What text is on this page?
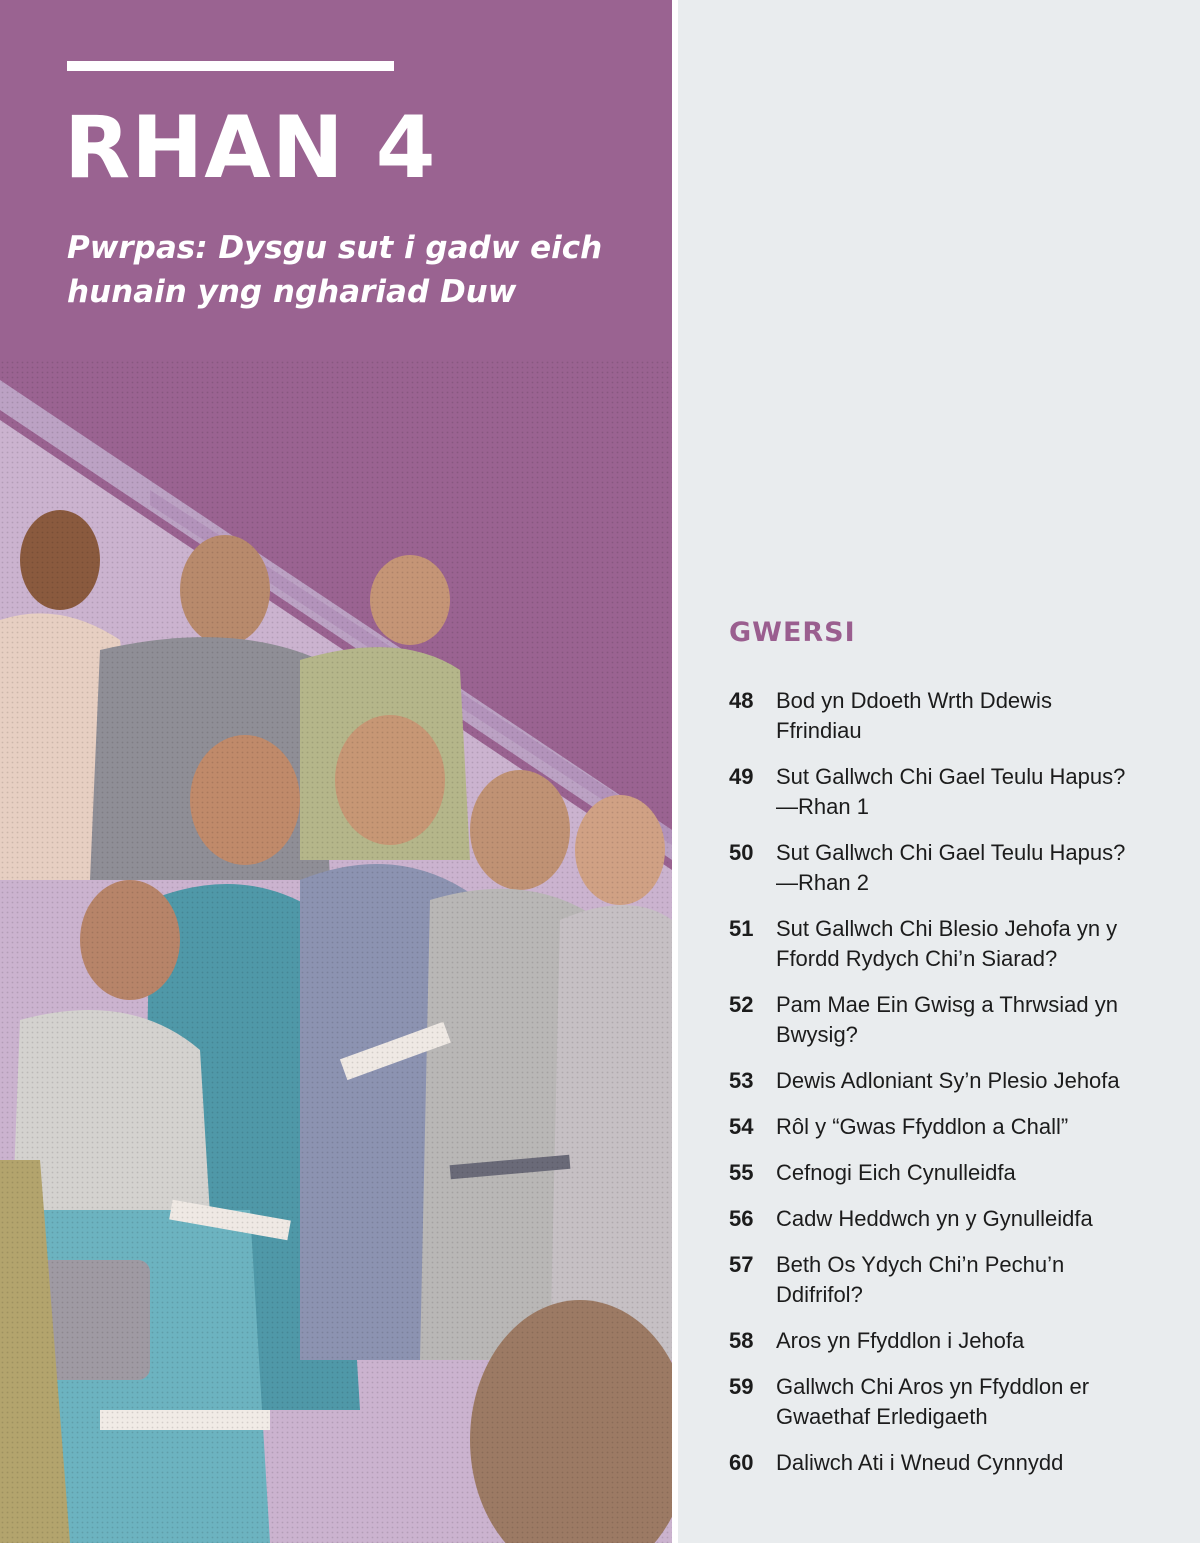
RHAN 4

Pwrpas: Dysgu sut i gadw eich hunain yng nghariad Duw

GWERSI
48	Bod yn Ddoeth Wrth Ddewis
Ffrindiau
49	Sut Gallwch Chi Gael Teulu Hapus?
—Rhan 1
50	Sut Gallwch Chi Gael Teulu Hapus?
—Rhan 2
51	Sut Gallwch Chi Blesio Jehofa yn y
Ffordd Rydych Chi’n Siarad?
52	Pam Mae Ein Gwisg a Thrwsiad yn
Bwysig?
53	Dewis Adloniant Sy’n Plesio Jehofa
54	Rôl y “Gwas Ffyddlon a Chall”
55	Cefnogi Eich Cynulleidfa
56	Cadw Heddwch yn y Gynulleidfa
57	Beth Os Ydych Chi’n Pechu’n
Ddifrifol?
58	Aros yn Ffyddlon i Jehofa
59	Gallwch Chi Aros yn Ffyddlon er
Gwaethaf Erledigaeth
60	Daliwch Ati i Wneud Cynnydd
